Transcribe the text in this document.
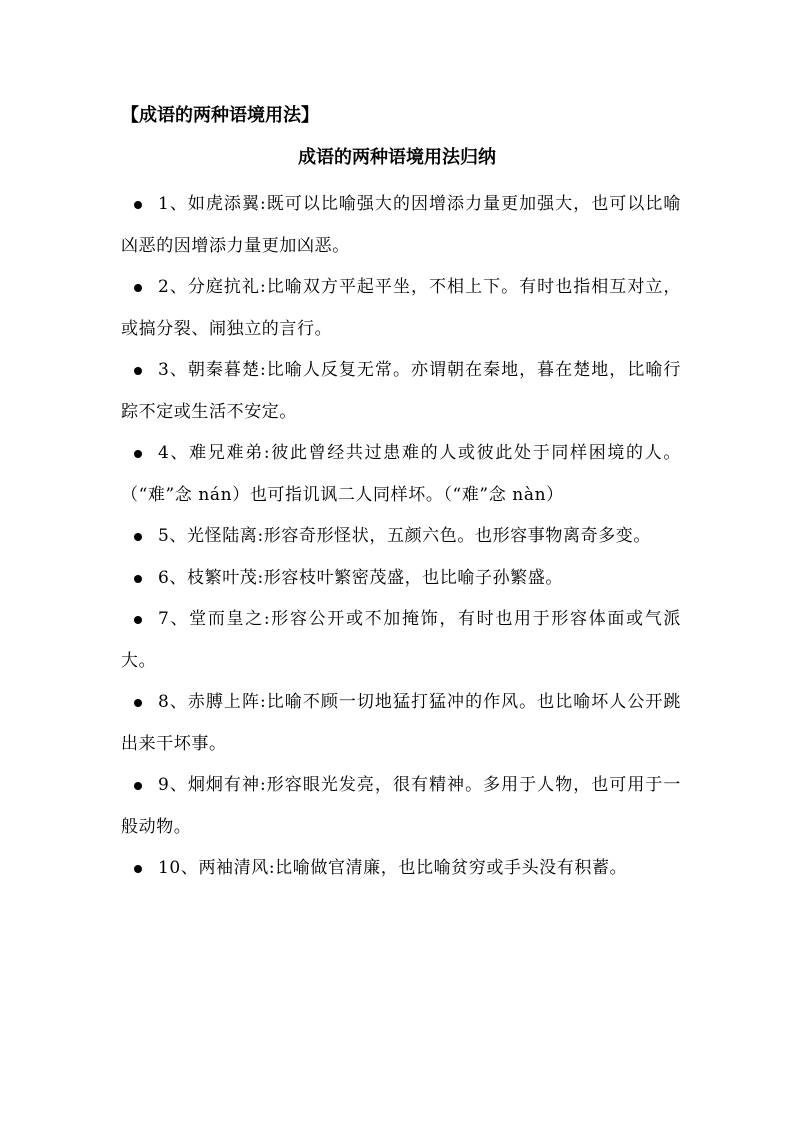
【成语的两种语境用法】
成语的两种语境用法归纳
1、如虎添翼:既可以比喻强大的因增添力量更加强大，也可以比喻凶恶的因增添力量更加凶恶。
2、分庭抗礼:比喻双方平起平坐，不相上下。有时也指相互对立，或搞分裂、闹独立的言行。
3、朝秦暮楚:比喻人反复无常。亦谓朝在秦地，暮在楚地，比喻行踪不定或生活不安定。
4、难兄难弟:彼此曾经共过患难的人或彼此处于同样困境的人。（“难”念 nán）也可指讥讽二人同样坏。（“难”念 nàn）
5、光怪陆离:形容奇形怪状，五颜六色。也形容事物离奇多变。
6、枝繁叶茂:形容枝叶繁密茂盛，也比喻子孙繁盛。
7、堂而皇之:形容公开或不加掩饰，有时也用于形容体面或气派大。
8、赤膊上阵:比喻不顾一切地猛打猛冲的作风。也比喻坏人公开跳出来干坏事。
9、炯炯有神:形容眼光发亮，很有精神。多用于人物，也可用于一般动物。
10、两袖清风:比喻做官清廉，也比喻贫穷或手头没有积蓄。
